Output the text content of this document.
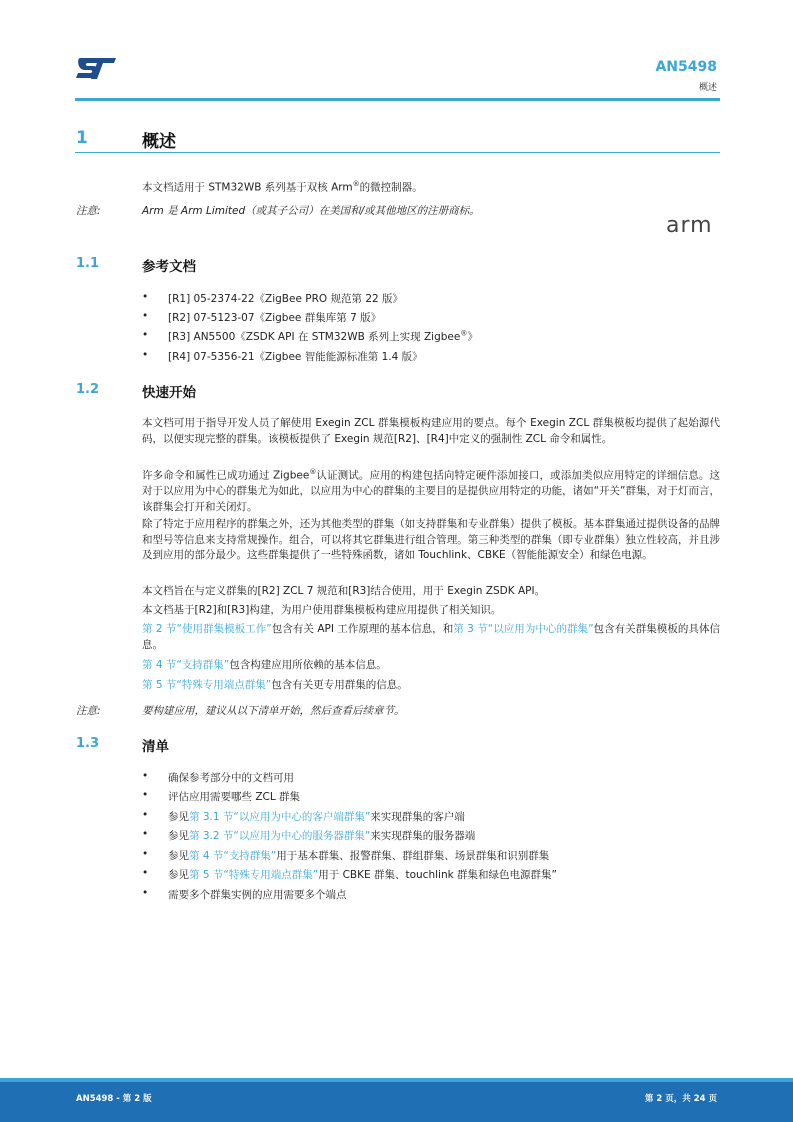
AN5498
概述
1	概述
本文档适用于 STM32WB 系列基于双核 Arm®的微控制器。
注意:	Arm 是 Arm Limited（或其子公司）在美国和/或其他地区的注册商标。
arm
1.1	参考文档
• [R1] 05-2374-22《ZigBee PRO 规范第 22 版》
• [R2] 07-5123-07《Zigbee 群集库第 7 版》
• [R3] AN5500《ZSDK API 在 STM32WB 系列上实现 Zigbee®》
• [R4] 07-5356-21《Zigbee 智能能源标准第 1.4 版》
1.2	快速开始
本文档可用于指导开发人员了解使用 Exegin ZCL 群集模板构建应用的要点。每个 Exegin ZCL 群集模板均提供了起始源代码，以便实现完整的群集。该模板提供了 Exegin 规范[R2]、[R4]中定义的强制性 ZCL 命令和属性。
许多命令和属性已成功通过 Zigbee®认证测试。应用的构建包括向特定硬件添加接口，或添加类似应用特定的详细信息。这对于以应用为中心的群集尤为如此，以应用为中心的群集的主要目的是提供应用特定的功能，诸如“开关”群集，对于灯而言，该群集会打开和关闭灯。
除了特定于应用程序的群集之外，还为其他类型的群集（如支持群集和专业群集）提供了模板。基本群集通过提供设备的品牌和型号等信息来支持常规操作。组合，可以将其它群集进行组合管理。第三种类型的群集（即专业群集）独立性较高，并且涉及到应用的部分最少。这些群集提供了一些特殊函数，诸如 Touchlink、CBKE（智能能源安全）和绿色电源。
本文档旨在与定义群集的[R2] ZCL 7 规范和[R3]结合使用，用于 Exegin ZSDK API。
本文档基于[R2]和[R3]构建，为用户使用群集模板构建应用提供了相关知识。
第 2 节“使用群集模板工作”包含有关 API 工作原理的基本信息，和第 3 节“以应用为中心的群集”包含有关群集模板的具体信息。
第 4 节“支持群集”包含构建应用所依赖的基本信息。
第 5 节“特殊专用端点群集”包含有关更专用群集的信息。
注意:	要构建应用，建议从以下清单开始，然后查看后续章节。
1.3	清单
• 确保参考部分中的文档可用
• 评估应用需要哪些 ZCL 群集
• 参见第 3.1 节“以应用为中心的客户端群集”来实现群集的客户端
• 参见第 3.2 节“以应用为中心的服务器群集”来实现群集的服务器端
• 参见第 4 节“支持群集”用于基本群集、报警群集、群组群集、场景群集和识别群集
• 参见第 5 节“特殊专用端点群集”用于 CBKE 群集、touchlink 群集和绿色电源群集”
• 需要多个群集实例的应用需要多个端点
AN5498 - 第 2 版	第 2 页，共 24 页
